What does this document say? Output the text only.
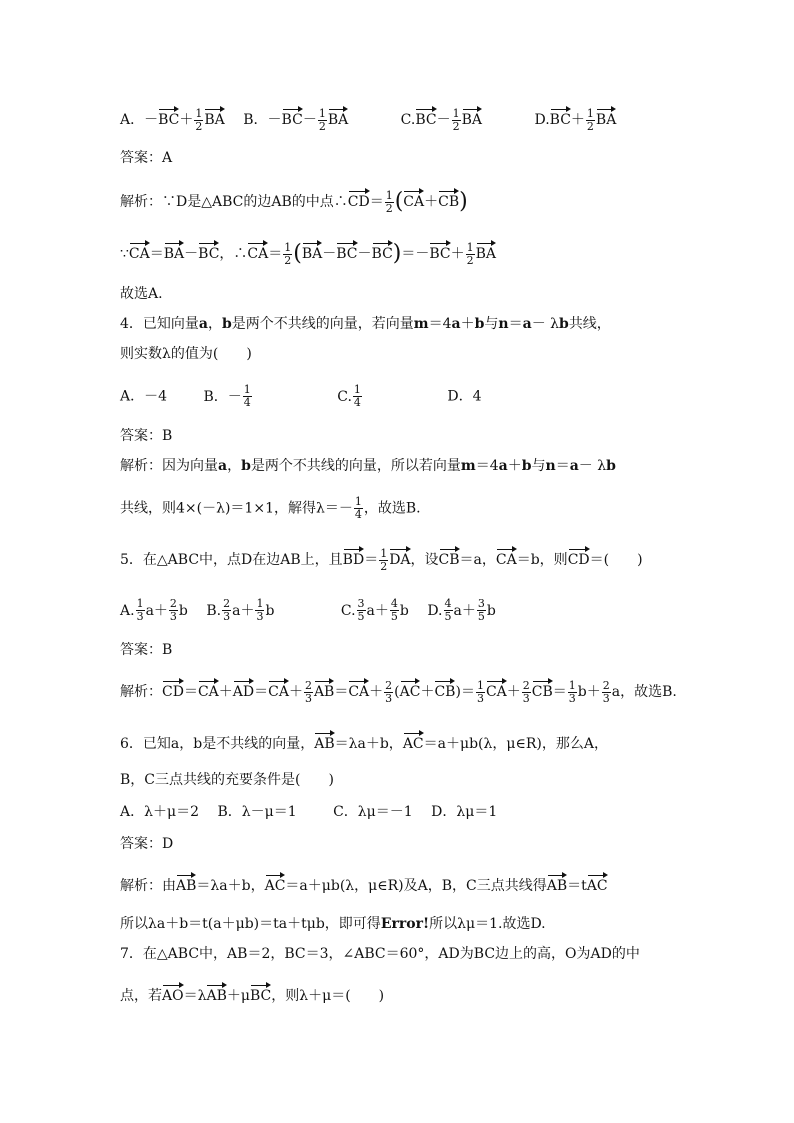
A．$-BC+ \frac{1}{2}$ BA B．$-BC- \frac{1}{2}$ BA	$C.BC- \frac{1}{2}$ BA	$D.BC+ \frac{1}{2}$ BA
答案：A
解析：∵D是△ABC的边AB的中点∴CD＝ $\frac{1}{2} (CA+CB)$
∵CA＝BA－BC，∴CA＝ $\frac{1}{2} (BA-BC-BC)=-BC+ \frac{1}{2}$ BA
故选A.
4．已知向量a，b是两个不共线的向量，若向量m＝4a＋b与n＝a－ λb共线，
则实数λ的值为(　　)
A．－4	B．－ $\frac{1}{4}$	C. $\frac{1}{4}$	D．4
答案：B
解析：因为向量a，b是两个不共线的向量，所以若向量m＝4a＋b与n＝a－ λb
共线，则4×(－λ)＝1×1，解得$\lambda=- \frac{1}{4}$ ，故选B.
5．在△ABC中，点D在边AB上，且$BD= \frac{1}{2}$ DA，设CB＝a，CA＝b，则CD＝(　　)
A. $\frac{1}{3} a+ \frac{2}{3}$ b B. $\frac{2}{3} a+ \frac{1}{3}$ b	C. $\frac{3}{5} a+ \frac{4}{5}$ b D. $\frac{4}{5} a+ \frac{3}{5}$ b
答案：B
解析：$CD=CA+AD=CA+ \frac{2}{3} AB=CA+ \frac{2}{3} (AC+CB)= \frac{1}{3} CA+ \frac{2}{3} CB= \frac{1}{3} b+ \frac{2}{3}$ a，故选B.
6．已知a，b是不共线的向量，AB＝λa＋b，AC＝a＋μb(λ，μ∈R)，那么A，
B，C三点共线的充要条件是(　　)
A．λ＋μ＝2 B．λ－μ＝1	C．λμ＝－1 D．λμ＝1
答案：D
解析：由AB＝λa＋b，AC＝a＋μb(λ，μ∈R)及A，B，C三点共线得AB＝tAC
所以λa＋b＝t(a＋μb)＝ta＋tμb，即可得Error!所以λμ＝1.故选D.
7．在△ABC中，AB＝2，BC＝3，∠ABC＝60°，AD为BC边上的高，O为AD的中
点，若AO＝λAB＋μBC，则λ＋μ＝(　　)
